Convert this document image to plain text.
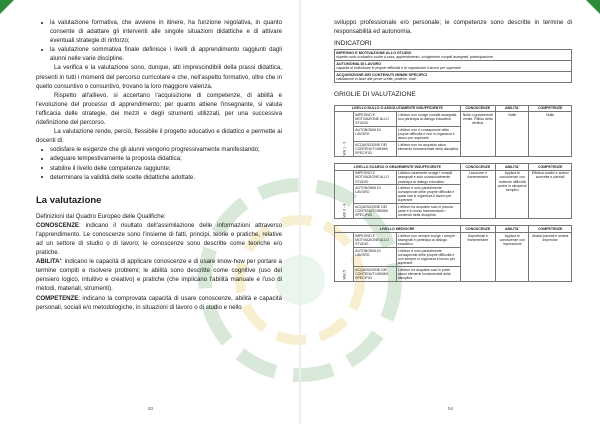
la valutazione formativa, che avviene in itinere, ha funzione regolativa, in quanto consente di adattare gli interventi alle singole situazioni didattiche e di attivare eventuali strategie di rinforzo;
la valutazione sommativa finale definisce i livelli di apprendimento raggiunti dagli alunni nelle varie discipline.
La verifica e la valutazione sono, dunque, atti imprescindibili della prassi didattica, presenti in tutti i momenti del percorso curricolare e che, nell'aspetto formativo, oltre che in quello consuntivo o consuntivo, trovano la loro maggiore valenza.
Rispetto all'allievo, si accertano l'acquisizione di competenze, di abilità e l'evoluzione del processo di apprendimento; per quanto attiene l'insegnante, si valuta l'efficacia delle strategie, dei mezzi e degli strumenti utilizzati, per una successiva ridefinizione del percorso.
La valutazione rende, perciò, flessibile il progetto educativo e didattico e permette ai docenti di:
sodisfare le esigenze che gli alunni vengono progressivamente manifestando;
adeguare tempestivamente la proposta didattica;
stabilire il livello delle competenze raggiunte;
determinare la validità delle scelte didattiche adottate.
La valutazione
Definizioni dal Quadro Europeo delle Qualifiche:
CONOSCENZE: indicano il risultato dell'assimilazione delle informazioni attraverso l'apprendimento. Le conoscenze sono l'insieme di fatti, principi, teorie e pratiche, relative ad un settore di studio o di lavoro; le conoscenze sono descritte come teoriche e/o pratiche.
ABILITA': indicano le capacità di applicare conoscenze e di usare know-how per portare a termine compiti e risolvere problemi; le abilità sono descritte come cognitive (uso del pensiero logico, intuitivo e creativo) e pratiche (che implicano l'abilità manuale e l'uso di metodi, materiali, strumenti).
COMPETENZE: indicano la comprovata capacità di usare conoscenze, abilità e capacità personali, sociali e/o metodologiche, in situazioni di lavoro o di studio e nello
53
sviluppo professionale e/o personale; le competenze sono descritte in termine di responsabilità ed autonomia.
INDICATORI
IMPEGNO E MOTIVAZIONE ALLO STUDIO
rispetto ruolo scolastico svolte a casa, apprendimento, svolgimento compiti assegnati, partecipazione
AUTONOMIA DI LAVORO
capacità di individuare le proprie difficoltà e di organizzare il lavoro per superarle
ACQUISIZIONE DEI CONTENUTI MINIMI SPECIFICI
valutazione in base alle prove scritte, pratiche, orali
GRIGLIE DI VALUTAZIONE
LIVELLO NULLO O ASSOLUTAMENTE INSUFFICIENTE			CONOSCENZE	ABILITA'	COMPETENZE
Voti 1 - 3	IMPEGNO E MOTIVAZIONE ALLO STUDIO	L'allievo non svolge compiti assegnati, non partecipa al dialogo educativo	Nulle o gravemente errate. Rifiuto della verifica.	Nulle	Nulle
	AUTONOMIA DI LAVORO	L'allievo non è consapevole delle proprie difficoltà e non si organizza il lavoro per superarle			
	ACQUISIZIONE DEI CONTENUTI MINIMI SPECIFICI	L'allievo non ha acquisito alcun elemento fondamentale della disciplina			
LIVELLO SCARSO O GRAVEMENTE INSUFFICIENTE			CONOSCENZE	ABILITA'	COMPETENZE
Voti 3 - 4	IMPEGNO E MOTIVAZIONE ALLO STUDIO	L'allievo raramente svolge i compiti assegnati e solo occasionalmente partecipa al dialogo educativo	Lacunose e frammentarie	Applica le conoscenze con notevole difficoltà anche in situazioni semplici	Effettua analisi e sintesi scorrette e parziali
	AUTONOMIA DI LAVORO	L'allievo è solo parzialmente consapevole delle proprie difficoltà e quasi mai si organizza il lavoro per superarle			
	ACQUISIZIONE DEI CONTENUTI MINIMI SPECIFICI	L'allievo ha acquisito solo in piccola parte e in modo frammentario i contenuti della disciplina			
LIVELLO MEDIOCRE			CONOSCENZE	ABILITA'	COMPETENZE
Voto 5	IMPEGNO E MOTIVAZIONE ALLO STUDIO	L'allievo non sempre svolge i compiti assegnati e partecipa al dialogo educativo	Superficiali e frammentarie	Applica le conoscenze con imprecisioni	Analisi parziali e sintesi imprecise
	AUTONOMIA DI LAVORO	L'allievo è solo parzialmente consapevole delle proprie difficoltà e non sempre si organizza il lavoro per superarle			
	ACQUISIZIONE DEI CONTENUTI MINIMI SPECIFICI	L'allievo ha acquisito solo in parte alcuni elementi fondamentali della disciplina			
54
